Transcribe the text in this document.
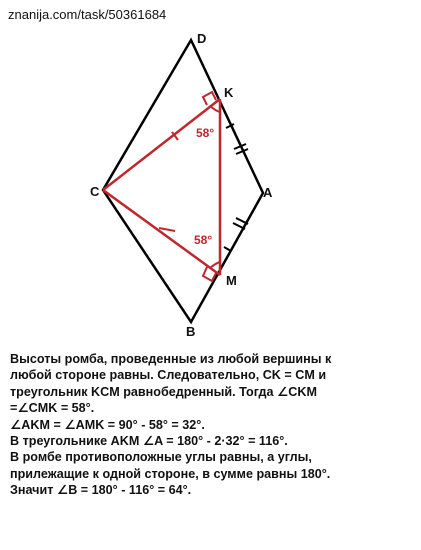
znanija.com/task/50361684
D
K
C	A
M
B
58°
58°
Высоты ромба, проведенные из любой вершины к
любой стороне равны. Следовательно, CK = CM и
треугольник KCM равнобедренный. Тогда ∠CKM
=∠CMK = 58°.
∠AKM = ∠AMK = 90° - 58° = 32°.
В треугольнике AKM ∠A = 180° - 2·32° = 116°.
В ромбе противоположные углы равны, а углы,
прилежащие к одной стороне, в сумме равны 180°.
Значит ∠B = 180° - 116° = 64°.
